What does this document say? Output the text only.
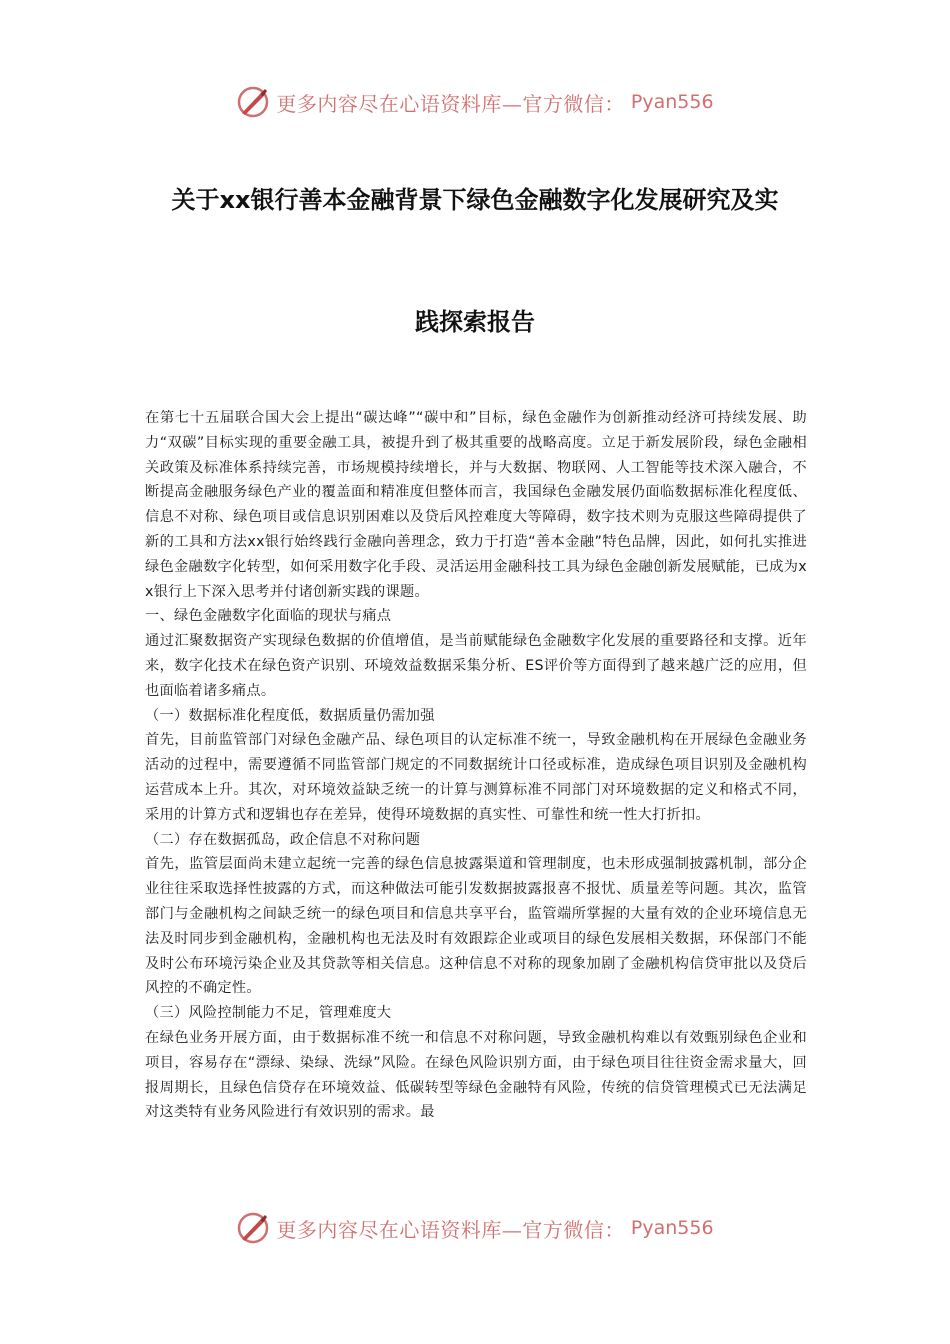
更多内容尽在心语资料库—官方微信： Pyan556
关于xx银行善本金融背景下绿色金融数字化发展研究及实
践探索报告

在第七十五届联合国大会上提出“碳达峰”“碳中和”目标，绿色金融作为创新推动经济可持续发展、助力“双碳”目标实现的重要金融工具，被提升到了极其重要的战略高度。立足于新发展阶段，绿色金融相关政策及标准体系持续完善，市场规模持续增长，并与大数据、物联网、人工智能等技术深入融合，不断提高金融服务绿色产业的覆盖面和精准度但整体而言，我国绿色金融发展仍面临数据标准化程度低、信息不对称、绿色项目或信息识别困难以及贷后风控难度大等障碍，数字技术则为克服这些障碍提供了新的工具和方法xx银行始终践行金融向善理念，致力于打造“善本金融”特色品牌，因此，如何扎实推进绿色金融数字化转型，如何采用数字化手段、灵活运用金融科技工具为绿色金融创新发展赋能，已成为xx银行上下深入思考并付诸创新实践的课题。

一、绿色金融数字化面临的现状与痛点

通过汇聚数据资产实现绿色数据的价值增值，是当前赋能绿色金融数字化发展的重要路径和支撑。近年来，数字化技术在绿色资产识别、环境效益数据采集分析、ES评价等方面得到了越来越广泛的应用，但也面临着诸多痛点。

（一）数据标准化程度低，数据质量仍需加强

首先，目前监管部门对绿色金融产品、绿色项目的认定标准不统一，导致金融机构在开展绿色金融业务活动的过程中，需要遵循不同监管部门规定的不同数据统计口径或标准，造成绿色项目识别及金融机构运营成本上升。其次，对环境效益缺乏统一的计算与测算标准不同部门对环境数据的定义和格式不同，采用的计算方式和逻辑也存在差异，使得环境数据的真实性、可靠性和统一性大打折扣。

（二）存在数据孤岛，政企信息不对称问题

首先，监管层面尚未建立起统一完善的绿色信息披露渠道和管理制度，也未形成强制披露机制，部分企业往往采取选择性披露的方式，而这种做法可能引发数据披露报喜不报忧、质量差等问题。其次，监管部门与金融机构之间缺乏统一的绿色项目和信息共享平台，监管端所掌握的大量有效的企业环境信息无法及时同步到金融机构，金融机构也无法及时有效跟踪企业或项目的绿色发展相关数据，环保部门不能及时公布环境污染企业及其贷款等相关信息。这种信息不对称的现象加剧了金融机构信贷审批以及贷后风控的不确定性。

（三）风险控制能力不足，管理难度大

在绿色业务开展方面，由于数据标准不统一和信息不对称问题，导致金融机构难以有效甄别绿色企业和项目，容易存在“漂绿、染绿、洗绿”风险。在绿色风险识别方面，由于绿色项目往往资金需求量大，回报周期长，且绿色信贷存在环境效益、低碳转型等绿色金融特有风险，传统的信贷管理模式已无法满足对这类特有业务风险进行有效识别的需求。最

更多内容尽在心语资料库—官方微信： Pyan556
